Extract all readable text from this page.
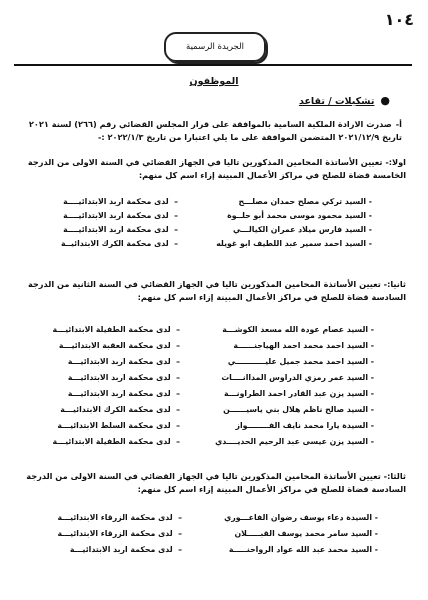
١٠٤
الجريدة الرسمية
الموظفون
●تشكيلات / تقاعد
أ-صدرت الارادة الملكية السامية بالموافقة على قرار المجلس القضائي رقم (٢٦٦) لسنة ٢٠٢١ تاريخ ٢٠٢١/١٢/٩ المتضمن الموافقة على ما يلي اعتبارا من تاريخ ٢٠٢٢/١/٣ :-
اولا:- تعيين الأساتذة المحامين المذكورين تاليا في الجهاز القضائي في السنة الاولى من الدرجة الخامسة قضاة للصلح في مراكز الأعمال المبينة إزاء اسم كل منهم:
- السيد تركي مصلح حمدان مصلـــح
–  لدى محكمة اربد الابتدائيــــة
- السيد محمود موسى محمد أبو حلــوة
–  لدى محكمة اربد الابتدائيــــة
- السيد فارس ميلاد عمران الكيالـــي
–  لدى محكمة اربد الابتدائيــــة
- السيد احمد سمير عبد اللطيف ابو غويله
–  لدى محكمة الكرك الابتدائيــة
ثانيا:- تعيين الأساتذة المحامين المذكورين تاليا في الجهاز القضائي في السنة الثانية من الدرجة السادسة قضاة للصلح في مراكز الأعمال المبينة إزاء اسم كل منهم:
- السيد عصام عودة الله مسعد الكوشـــة
–  لدى محكمة الطفيلة الابتدائيـــة
- السيد احمد محمد احمد الهياجنــــــة
–  لدى محكمة العقبة الابتدائيـــة
- السيد احمد محمد جميل عليـــــــــــي
–  لدى محكمة اربد الابتدائيـــة
- السيد عمر رمزي الدراوس المداانــــات
–  لدى محكمة اربد الابتدائيـــة
- السيد يزن عبد القادر احمد الطراونـــة
–  لدى محكمة اربد الابتدائيـــة
- السيد صالح ناظم هلال بني ياسيــــــن
–  لدى محكمة الكرك الابتدائيـــة
- السيدة يارا محمد نايف الفــــــــواز
–  لدى محكمة السلط الابتدائيـــة
- السيد يزن عيسى عبد الرحيم الحديــــدي
–  لدى محكمة الطفيلة الابتدائيـــة
ثالثا:- تعيين الأساتذة المحامين المذكورين تاليا في الجهاز القضائي في السنة الاولى من الدرجة السادسة قضاة للصلح في مراكز الأعمال المبينة إزاء اسم كل منهم:
- السيدة دعاء يوسف رضوان الفاعـــوري
–  لدى محكمة الزرقاء الابتدائيـــة
- السيد سامر محمد يوسف القبـــــلان
–  لدى محكمة الزرقاء الابتدائيـــة
- السيد محمد عبد الله عواد الرواحنـــــة
–  لدى محكمة اربد الابتدائيـــة
